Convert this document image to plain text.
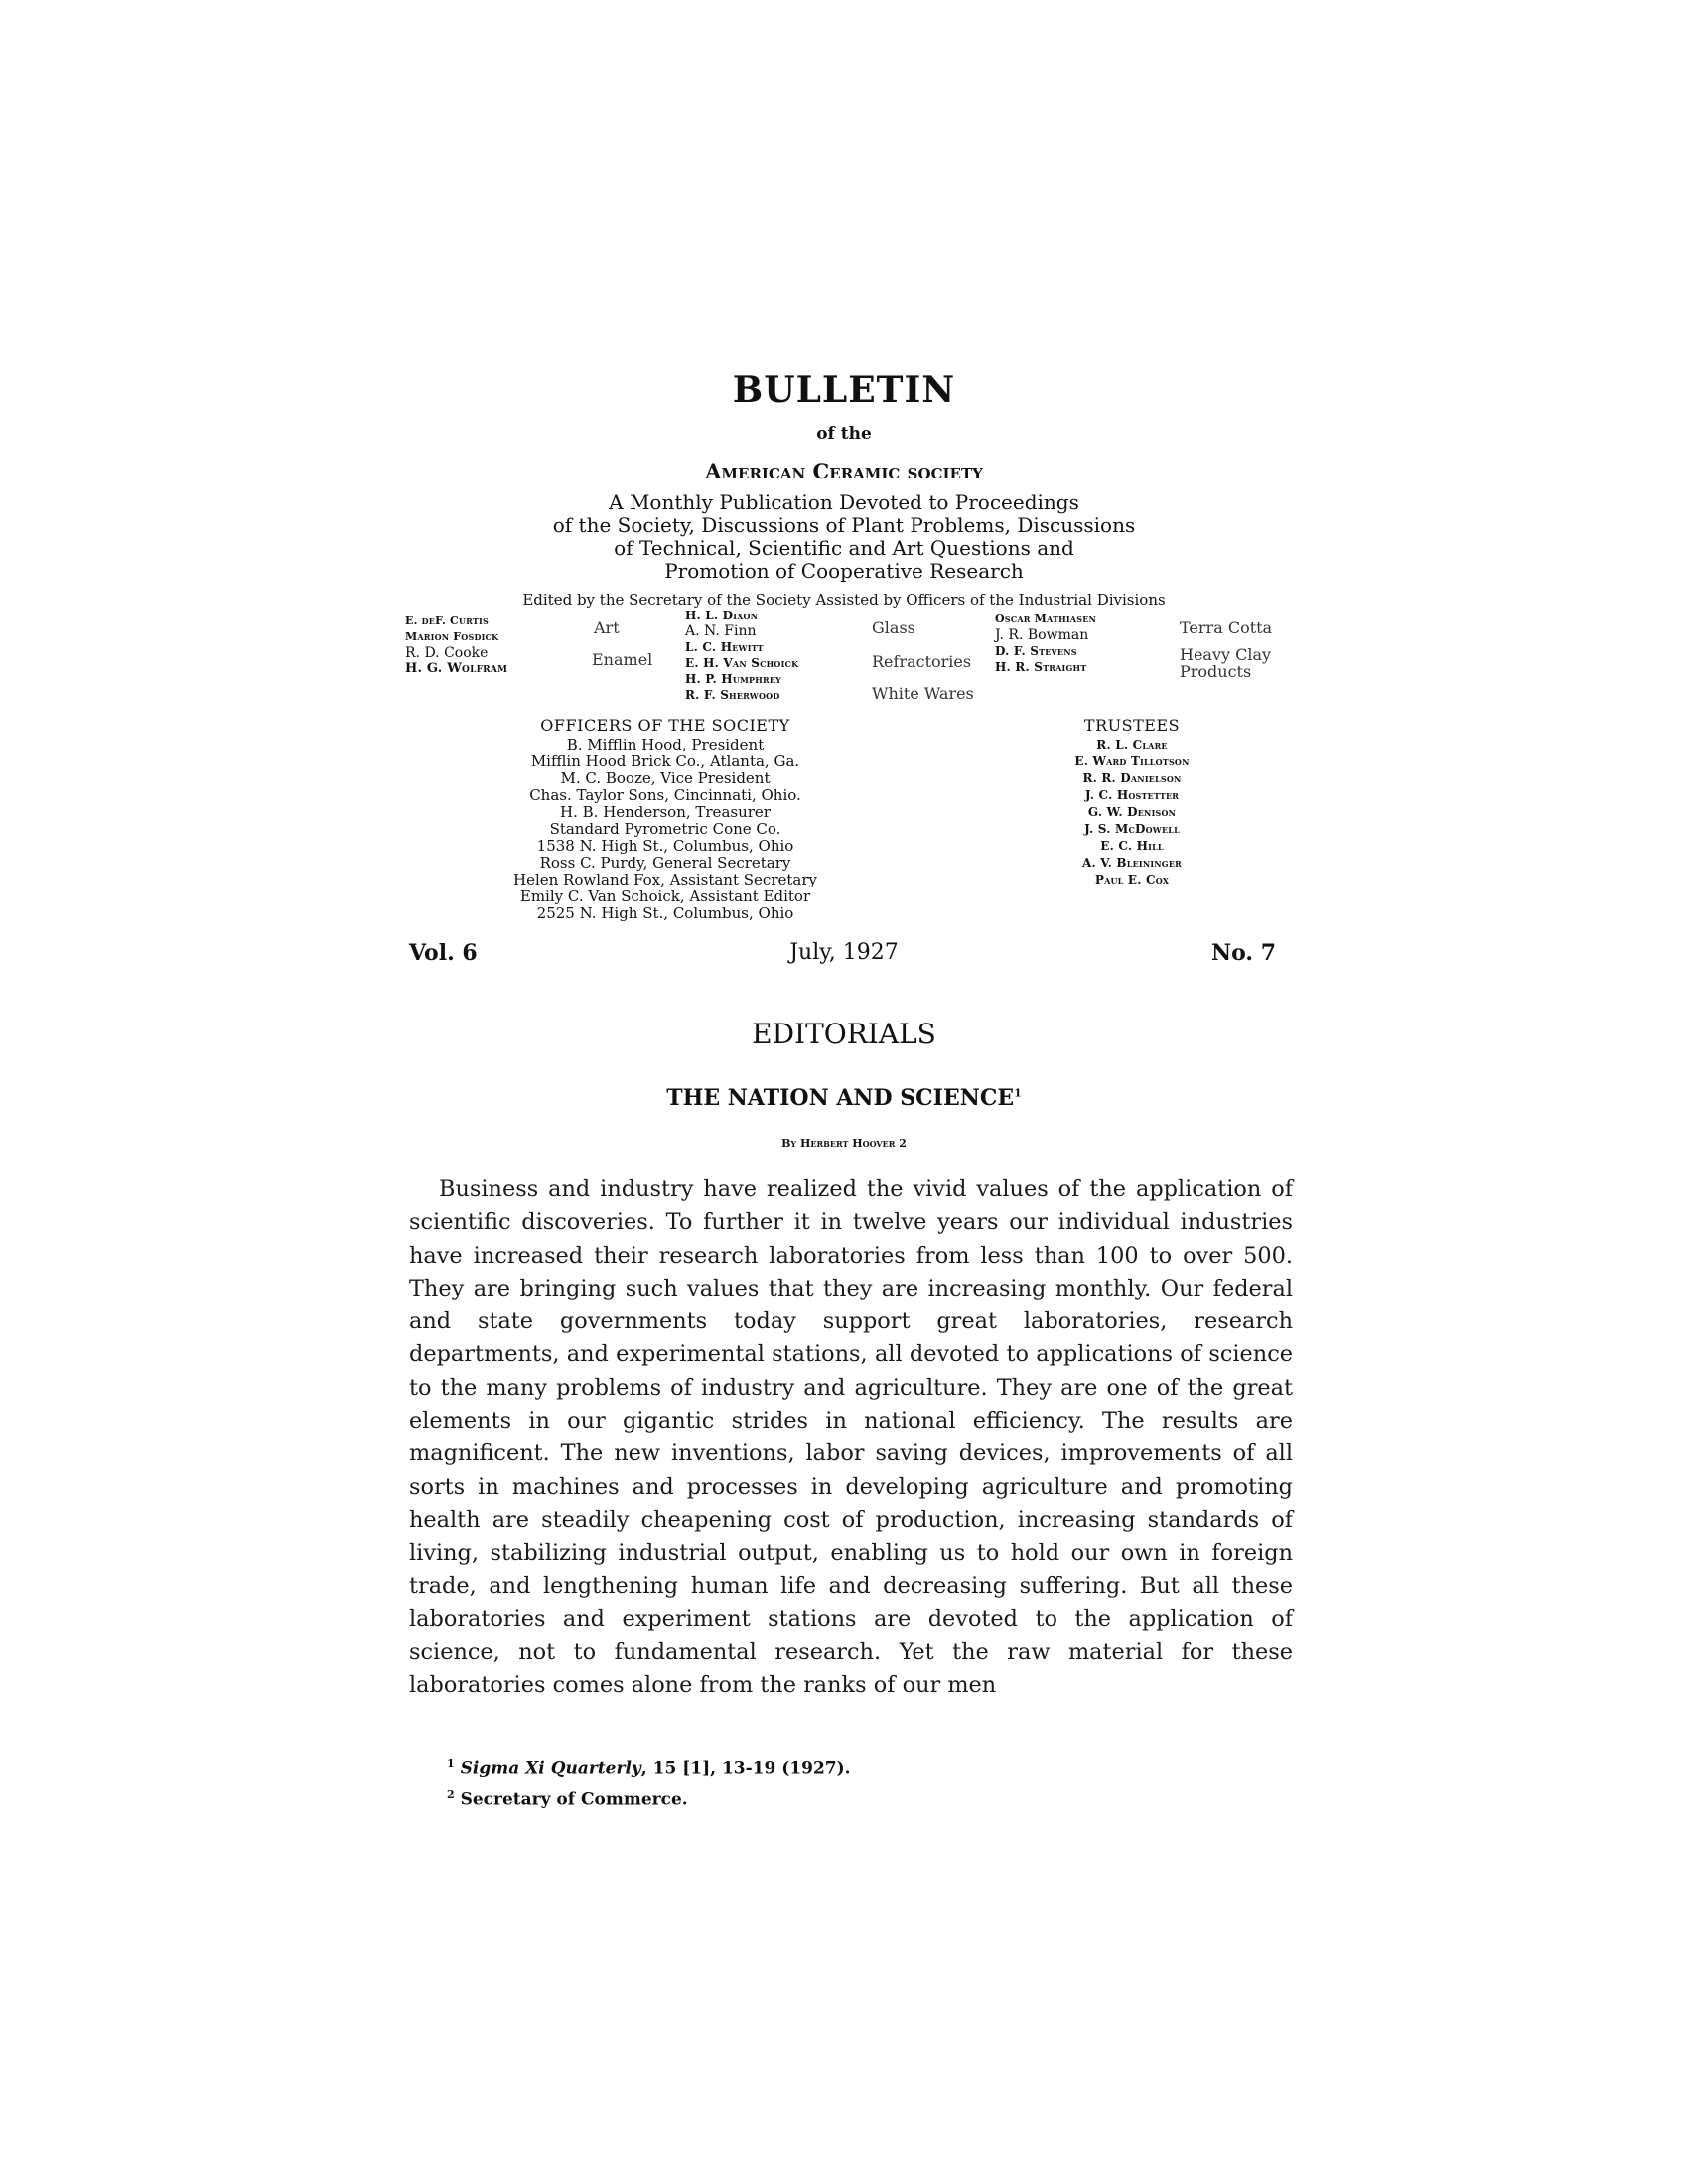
BULLETIN
of the
American Ceramic society
A Monthly Publication Devoted to Proceedings
of the Society, Discussions of Plant Problems, Discussions
of Technical, Scientific and Art Questions and
Promotion of Cooperative Research
Edited by the Secretary of the Society Assisted by Officers of the Industrial Divisions
E. deF. Curtis
Marion Fosdick
R. D. Cooke
H. G. Wolfram
Art
Enamel
H. L. Dixon
A. N. Finn
L. C. Hewitt
E. H. Van Schoick
H. P. Humphrey
R. F. Sherwood
Glass
Refractories
White Wares
Oscar Mathiasen
J. R. Bowman
D. F. Stevens
H. R. Straight
Terra Cotta
Heavy Clay
Products
OFFICERS OF THE SOCIETY
B. Mifflin Hood, President
Mifflin Hood Brick Co., Atlanta, Ga.
M. C. Booze, Vice President
Chas. Taylor Sons, Cincinnati, Ohio.
H. B. Henderson, Treasurer
Standard Pyrometric Cone Co.
1538 N. High St., Columbus, Ohio
Ross C. Purdy, General Secretary
Helen Rowland Fox, Assistant Secretary
Emily C. Van Schoick, Assistant Editor
2525 N. High St., Columbus, Ohio
TRUSTEES
R. L. Clare
E. Ward Tillotson
R. R. Danielson
J. C. Hostetter
G. W. Denison
J. S. McDowell
E. C. Hill
A. V. Bleininger
Paul E. Cox
Vol. 6	July, 1927	No. 7
EDITORIALS
THE NATION AND SCIENCE$^1$
By Herbert Hoover 2

Business and industry have realized the vivid values of the application of scientific discoveries. To further it in twelve years our individual industries have increased their research laboratories from less than 100 to over 500. They are bringing such values that they are increasing monthly. Our federal and state governments today support great laboratories, research departments, and experimental stations, all devoted to applications of science to the many problems of industry and agriculture. They are one of the great elements in our gigantic strides in national efficiency. The results are magnificent. The new inventions, labor saving devices, improvements of all sorts in machines and processes in developing agriculture and promoting health are steadily cheapening cost of production, increasing standards of living, stabilizing industrial output, enabling us to hold our own in foreign trade, and lengthening human life and decreasing suffering. But all these laboratories and experiment stations are devoted to the application of science, not to fundamental research. Yet the raw material for these laboratories comes alone from the ranks of our men

$^1$ Sigma Xi Quarterly, 15 [1], 13-19 (1927).
$^2$ Secretary of Commerce.
